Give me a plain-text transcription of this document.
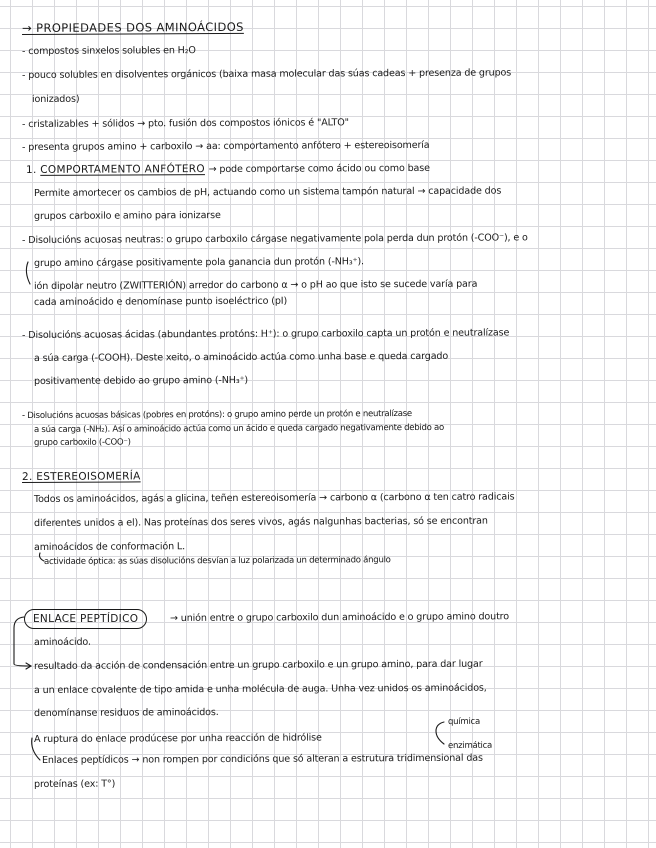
→ PROPIEDADES DOS AMINOÁCIDOS
- compostos sinxelos solubles en H₂O
- pouco solubles en disolventes orgánicos (baixa masa molecular das súas cadeas + presenza de grupos
ionizados)
- cristalizables + sólidos → pto. fusión dos compostos iónicos é "ALTO"
- presenta grupos amino + carboxilo → aa: comportamento anfótero + estereoisomería
1. COMPORTAMENTO ANFÓTERO → pode comportarse como ácido ou como base
Permite amortecer os cambios de pH, actuando como un sistema tampón natural → capacidade dos
grupos carboxilo e amino para ionizarse
- Disolucións acuosas neutras: o grupo carboxilo cárgase negativamente pola perda dun protón (-COO⁻), e o
grupo amino cárgase positivamente pola ganancia dun protón (-NH₃⁺).
ión dipolar neutro (ZWITTERIÓN) arredor do carbono α → o pH ao que isto se sucede varía para
cada aminoácido e denomínase punto isoeléctrico (pI)
- Disolucións acuosas ácidas (abundantes protóns: H⁺): o grupo carboxilo capta un protón e neutralízase
a súa carga (-COOH). Deste xeito, o aminoácido actúa como unha base e queda cargado
positivamente debido ao grupo amino (-NH₃⁺)
- Disolucións acuosas básicas (pobres en protóns): o grupo amino perde un protón e neutralízase
a súa carga (-NH₂). Así o aminoácido actúa como un ácido e queda cargado negativamente debido ao
grupo carboxilo (-COO⁻)
2. ESTEREOISOMERÍA
Todos os aminoácidos, agás a glicina, teñen estereoisomería → carbono α (carbono α ten catro radicais
diferentes unidos a el). Nas proteínas dos seres vivos, agás nalgunhas bacterias, só se encontran
aminoácidos de conformación L.
actividade óptica: as súas disolucións desvían a luz polarizada un determinado ángulo
ENLACE PEPTÍDICO	→ unión entre o grupo carboxilo dun aminoácido e o grupo amino doutro
aminoácido.
resultado da acción de condensación entre un grupo carboxilo e un grupo amino, para dar lugar
a un enlace covalente de tipo amida e unha molécula de auga. Unha vez unidos os aminoácidos,
denomínanse residuos de aminoácidos.
A ruptura do enlace prodúcese por unha reacción de hidrólise
química
enzimática
Enlaces peptídicos → non rompen por condicións que só alteran a estrutura tridimensional das
proteínas (ex: T°)
